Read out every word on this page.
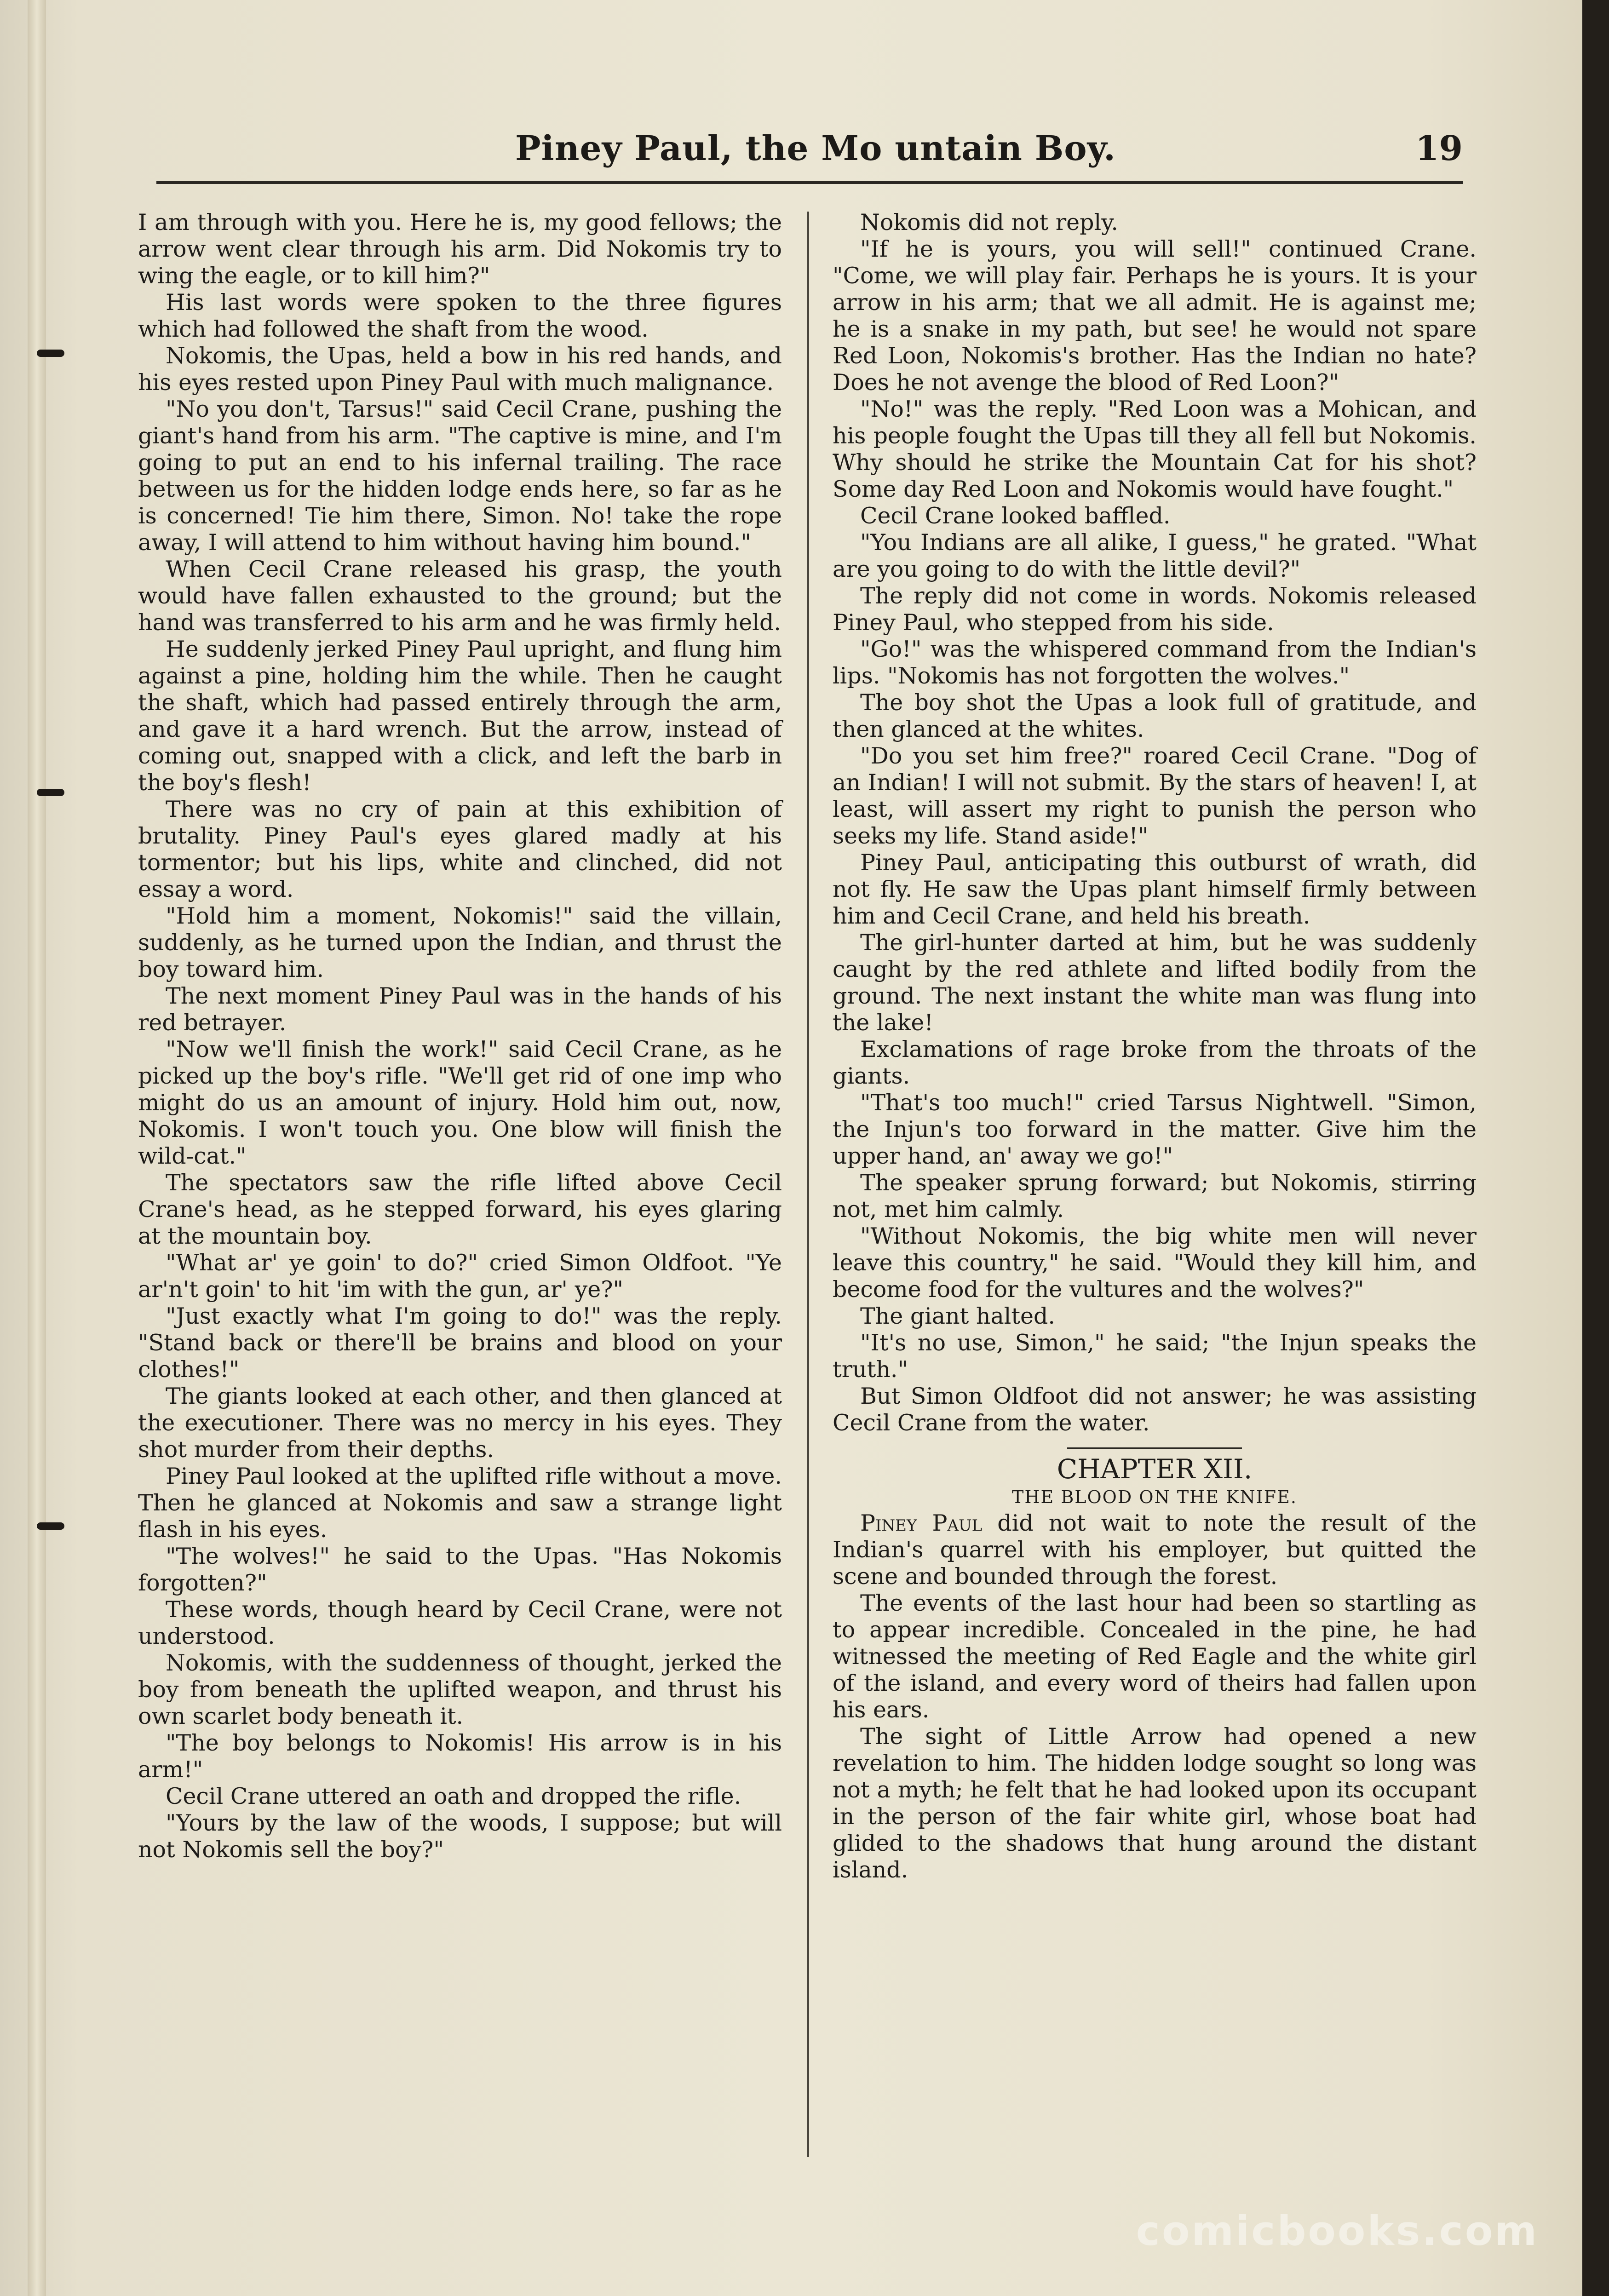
Piney Paul, the Mo untain Boy.	19

I am through with you. Here he is, my good fellows; the arrow went clear through his arm. Did Nokomis try to wing the eagle, or to kill him?"

His last words were spoken to the three figures which had followed the shaft from the wood.

Nokomis, the Upas, held a bow in his red hands, and his eyes rested upon Piney Paul with much malignance.

"No you don't, Tarsus!" said Cecil Crane, pushing the giant's hand from his arm. "The captive is mine, and I'm going to put an end to his infernal trailing. The race between us for the hidden lodge ends here, so far as he is concerned! Tie him there, Simon. No! take the rope away, I will attend to him without having him bound."

When Cecil Crane released his grasp, the youth would have fallen exhausted to the ground; but the hand was transferred to his arm and he was firmly held.

He suddenly jerked Piney Paul upright, and flung him against a pine, holding him the while. Then he caught the shaft, which had passed entirely through the arm, and gave it a hard wrench. But the arrow, instead of coming out, snapped with a click, and left the barb in the boy's flesh!

There was no cry of pain at this exhibition of brutality. Piney Paul's eyes glared madly at his tormentor; but his lips, white and clinched, did not essay a word.

"Hold him a moment, Nokomis!" said the villain, suddenly, as he turned upon the Indian, and thrust the boy toward him.

The next moment Piney Paul was in the hands of his red betrayer.

"Now we'll finish the work!" said Cecil Crane, as he picked up the boy's rifle. "We'll get rid of one imp who might do us an amount of injury. Hold him out, now, Nokomis. I won't touch you. One blow will finish the wild-cat."

The spectators saw the rifle lifted above Cecil Crane's head, as he stepped forward, his eyes glaring at the mountain boy.

"What ar' ye goin' to do?" cried Simon Oldfoot. "Ye ar'n't goin' to hit 'im with the gun, ar' ye?"

"Just exactly what I'm going to do!" was the reply. "Stand back or there'll be brains and blood on your clothes!"

The giants looked at each other, and then glanced at the executioner. There was no mercy in his eyes. They shot murder from their depths.

Piney Paul looked at the uplifted rifle without a move. Then he glanced at Nokomis and saw a strange light flash in his eyes.

"The wolves!" he said to the Upas. "Has Nokomis forgotten?"

These words, though heard by Cecil Crane, were not understood.

Nokomis, with the suddenness of thought, jerked the boy from beneath the uplifted weapon, and thrust his own scarlet body beneath it.

"The boy belongs to Nokomis! His arrow is in his arm!"

Cecil Crane uttered an oath and dropped the rifle.

"Yours by the law of the woods, I suppose; but will not Nokomis sell the boy?"

Nokomis did not reply.

"If he is yours, you will sell!" continued Crane. "Come, we will play fair. Perhaps he is yours. It is your arrow in his arm; that we all admit. He is against me; he is a snake in my path, but see! he would not spare Red Loon, Nokomis's brother. Has the Indian no hate? Does he not avenge the blood of Red Loon?"

"No!" was the reply. "Red Loon was a Mohican, and his people fought the Upas till they all fell but Nokomis. Why should he strike the Mountain Cat for his shot? Some day Red Loon and Nokomis would have fought."

Cecil Crane looked baffled.

"You Indians are all alike, I guess," he grated. "What are you going to do with the little devil?"

The reply did not come in words. Nokomis released Piney Paul, who stepped from his side.

"Go!" was the whispered command from the Indian's lips. "Nokomis has not forgotten the wolves."

The boy shot the Upas a look full of gratitude, and then glanced at the whites.

"Do you set him free?" roared Cecil Crane. "Dog of an Indian! I will not submit. By the stars of heaven! I, at least, will assert my right to punish the person who seeks my life. Stand aside!"

Piney Paul, anticipating this outburst of wrath, did not fly. He saw the Upas plant himself firmly between him and Cecil Crane, and held his breath.

The girl-hunter darted at him, but he was suddenly caught by the red athlete and lifted bodily from the ground. The next instant the white man was flung into the lake!

Exclamations of rage broke from the throats of the giants.

"That's too much!" cried Tarsus Nightwell. "Simon, the Injun's too forward in the matter. Give him the upper hand, an' away we go!"

The speaker sprung forward; but Nokomis, stirring not, met him calmly.

"Without Nokomis, the big white men will never leave this country," he said. "Would they kill him, and become food for the vultures and the wolves?"

The giant halted.

"It's no use, Simon," he said; "the Injun speaks the truth."

But Simon Oldfoot did not answer; he was assisting Cecil Crane from the water.

CHAPTER XII.

THE BLOOD ON THE KNIFE.

Piney Paul did not wait to note the result of the Indian's quarrel with his employer, but quitted the scene and bounded through the forest.

The events of the last hour had been so startling as to appear incredible. Concealed in the pine, he had witnessed the meeting of Red Eagle and the white girl of the island, and every word of theirs had fallen upon his ears.

The sight of Little Arrow had opened a new revelation to him. The hidden lodge sought so long was not a myth; he felt that he had looked upon its occupant in the person of the fair white girl, whose boat had glided to the shadows that hung around the distant island.

comicbooks.com
